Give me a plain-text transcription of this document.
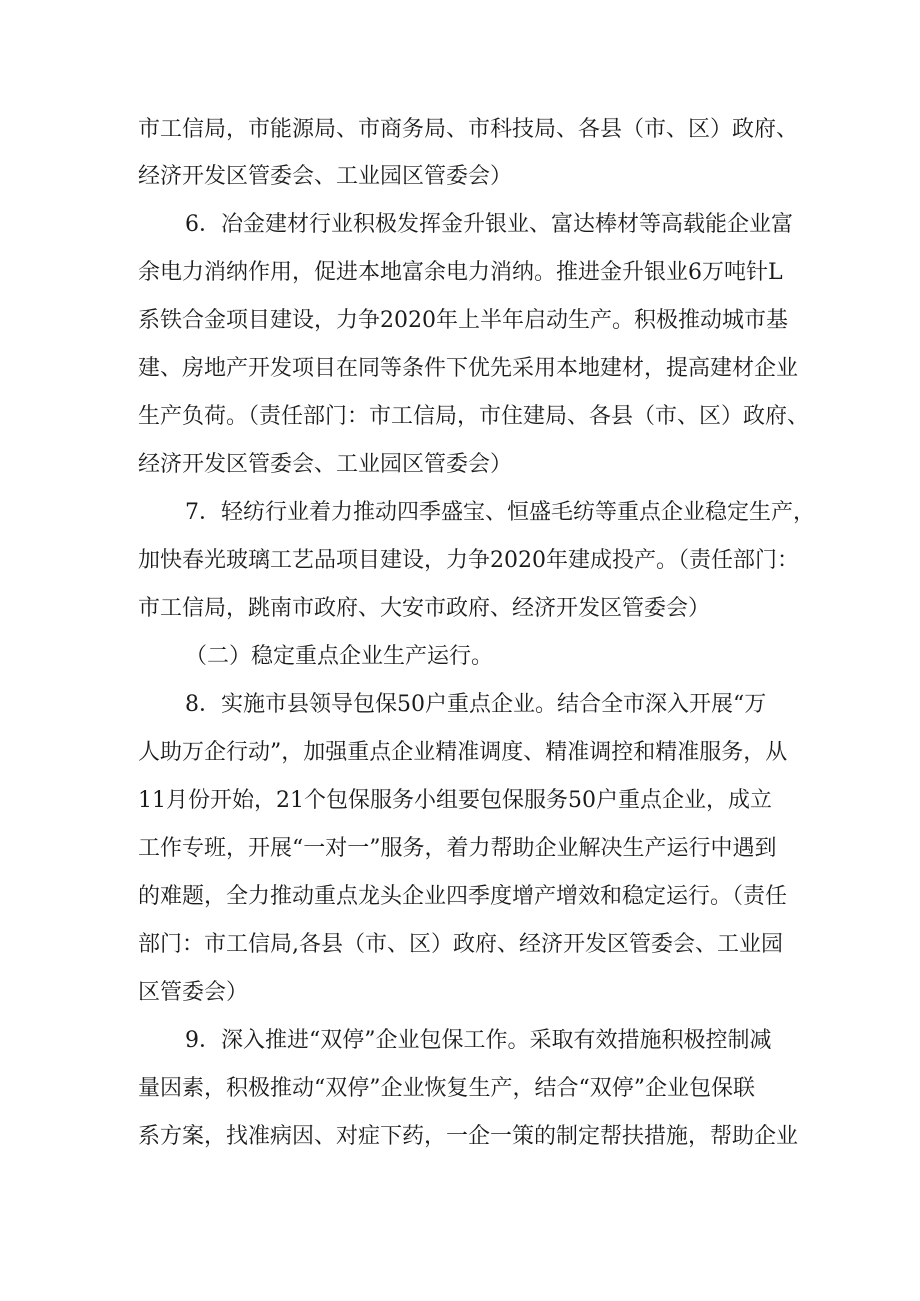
市工信局，市能源局、市商务局、市科技局、各县（市、区）政府、
经济开发区管委会、工业园区管委会）
6．冶金建材行业积极发挥金升银业、富达棒材等高载能企业富
余电力消纳作用，促进本地富余电力消纳。推进金升银业6万吨针L
系铁合金项目建设，力争2020年上半年启动生产。积极推动城市基
建、房地产开发项目在同等条件下优先采用本地建材，提高建材企业
生产负荷。（责任部门：市工信局，市住建局、各县（市、区）政府、
经济开发区管委会、工业园区管委会）
7．轻纺行业着力推动四季盛宝、恒盛毛纺等重点企业稳定生产，
加快春光玻璃工艺品项目建设，力争2020年建成投产。（责任部门：
市工信局，跳南市政府、大安市政府、经济开发区管委会）
（二）稳定重点企业生产运行。
8．实施市县领导包保50户重点企业。结合全市深入开展“万
人助万企行动”，加强重点企业精准调度、精准调控和精准服务，从
11月份开始，21个包保服务小组要包保服务50户重点企业，成立
工作专班，开展“一对一”服务，着力帮助企业解决生产运行中遇到
的难题，全力推动重点龙头企业四季度增产增效和稳定运行。（责任
部门：市工信局,各县（市、区）政府、经济开发区管委会、工业园
区管委会）
9．深入推进“双停”企业包保工作。采取有效措施积极控制减
量因素，积极推动“双停”企业恢复生产，结合“双停”企业包保联
系方案，找准病因、对症下药，一企一策的制定帮扶措施，帮助企业
